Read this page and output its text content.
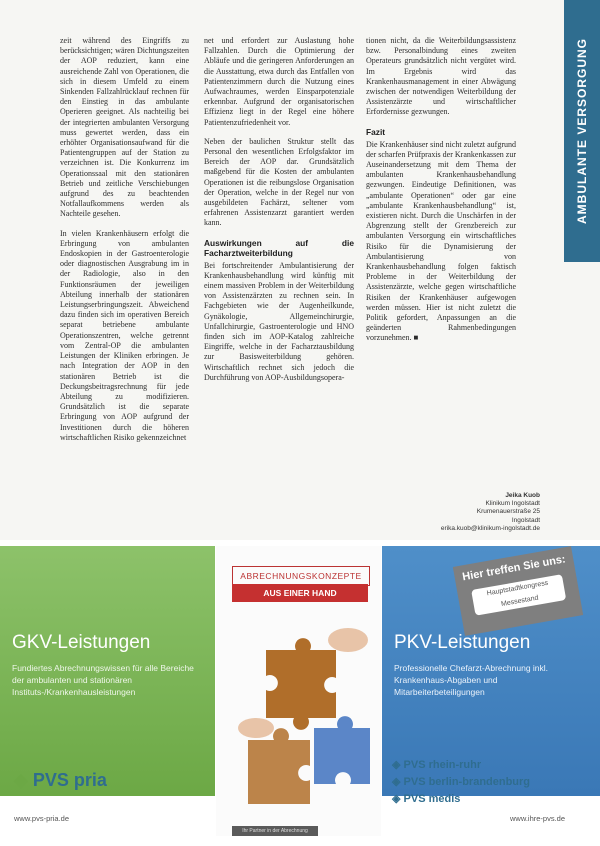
AMBULANTE VERSORGUNG

zeit während des Eingriffs zu berücksichtigen; wären Dichtungszeiten der AOP reduziert, kann eine ausreichende Zahl von Operationen, die sich in diesem Umfeld zu einem Sinkenden Fallzahlrücklauf rechnen für den Einstieg in das ambulante Operieren geeignet. Als nachteilig bei der integrierten ambulanten Versorgung muss gewertet werden, dass ein erhöhter Organisationsaufwand für die Patientengruppen auf der Station zu verzeichnen ist. Die Konkurrenz im Operationssaal mit den stationären Betrieb und zeitliche Verschiebungen aufgrund des zu beachtenden Notfallaufkommens werden als Nachteile gesehen.

In vielen Krankenhäusern erfolgt die Erbringung von ambulanten Endoskopien in der Gastroenterologie oder diagnostischen Ausgrabung im in der Radiologie, also in den Funktionsräumen der jeweiligen Abteilung innerhalb der stationären Leistungserbringungszeit. Abweichend dazu finden sich im operativen Bereich separat betriebene ambulante Operationszentren, welche getrennt vom Zentral-OP die ambulanten Leistungen der Kliniken erbringen. Je nach Integration der AOP in den stationären Betrieb ist die Deckungsbeitragsrechnung für jede Abteilung zu modifizieren. Grundsätzlich ist die separate Erbringung von AOP aufgrund der Investitionen durch die höheren wirtschaftlichen Risiko gekennzeichnet

net und erfordert zur Auslastung hohe Fallzahlen. Durch die Optimierung der Abläufe und die geringeren Anforderungen an die Ausstattung, etwa durch das Entfallen von Patientenzimmern durch die Nutzung eines Aufwachraumes, werden Einsparpotenziale erkennbar. Aufgrund der organisatorischen Effizienz liegt in der Regel eine höhere Patientenzufriedenheit vor.

Neben der baulichen Struktur stellt das Personal den wesentlichen Erfolgsfaktor im Bereich der AOP dar. Grundsätzlich maßgebend für die Kosten der ambulanten Operationen ist die reibungslose Organisation der Operation, welche in der Regel nur von ausgebildeten Fachärzt, seltener vom erfahrenen Assistenzarzt garantiert werden kann.

Auswirkungen auf die Facharztweiterbildung

Bei fortschreitender Ambulantisierung der Krankenhausbehandlung wird künftig mit einem massiven Problem in der Weiterbildung von Assistenzärzten zu rechnen sein. In Fachgebieten wie der Augenheilkunde, Gynäkologie, Allgemeinchirurgie, Unfallchirurgie, Gastroenterologie und HNO finden sich im AOP-Katalog zahlreiche Eingriffe, welche in der Facharztausbildung zur Basisweiterbildung gehören. Wirtschaftlich rechnet sich jedoch die Durchführung von AOP-Ausbildungsopera-

tionen nicht, da die Weiterbildungsassistenz bzw. Personalbindung eines zweiten Operateurs grundsätzlich nicht vergütet wird. Im Ergebnis wird das Krankenhausmanagement in einer Abwägung zwischen der notwendigen Weiterbildung der Assistenzärzte und wirtschaftlicher Erfordernisse gezwungen.

Fazit

Die Krankenhäuser sind nicht zuletzt aufgrund der scharfen Prüfpraxis der Krankenkassen zur Auseinandersetzung mit dem Thema der ambulanten Krankenhausbehandlung gezwungen. Eindeutige Definitionen, was „ambulante Operationen“ oder gar eine „ambulante Krankenhausbehandlung“ ist, existieren nicht. Durch die Unschärfen in der Abgrenzung stellt der Grenzbereich zur ambulanten Versorgung ein wirtschaftliches Risiko für die Dynamisierung der Ambulantisierung von Krankenhausbehandlung folgen faktisch Probleme in der Weiterbildung der Assistenzärzte, welche gegen wirtschaftliche Risiken der Krankenhäuser aufgewogen werden müssen. Hier ist nicht zuletzt die Politik gefordert, Anpassungen an die geänderten Rahmenbedingungen vorzunehmen. ■

Jeika Kuob
Klinikum Ingolstadt
Krumenauerstraße 25
Ingolstadt
erika.kuob@klinikum-ingolstadt.de
GKV-Leistungen
Fundiertes Abrechnungswissen für alle Bereiche der ambulanten und stationären Instituts-/Krankenhausleistungen
ABRECHNUNGSKONZEPTE
AUS EINER HAND
PKV-Leistungen
Professionelle Chefarzt-Abrechnung inkl. Krankenhaus-Abgaben und Mitarbeiterbeteiligungen
Hier treffen Sie uns:
Hauptstadtkongress Messestand
◈ PVS pria
◈ PVS rhein-ruhr
◈ PVS berlin-brandenburg
◈ PVS medis
www.pvs-pria.de	www.ihre-pvs.de
Ihr Partner in der Abrechnung
